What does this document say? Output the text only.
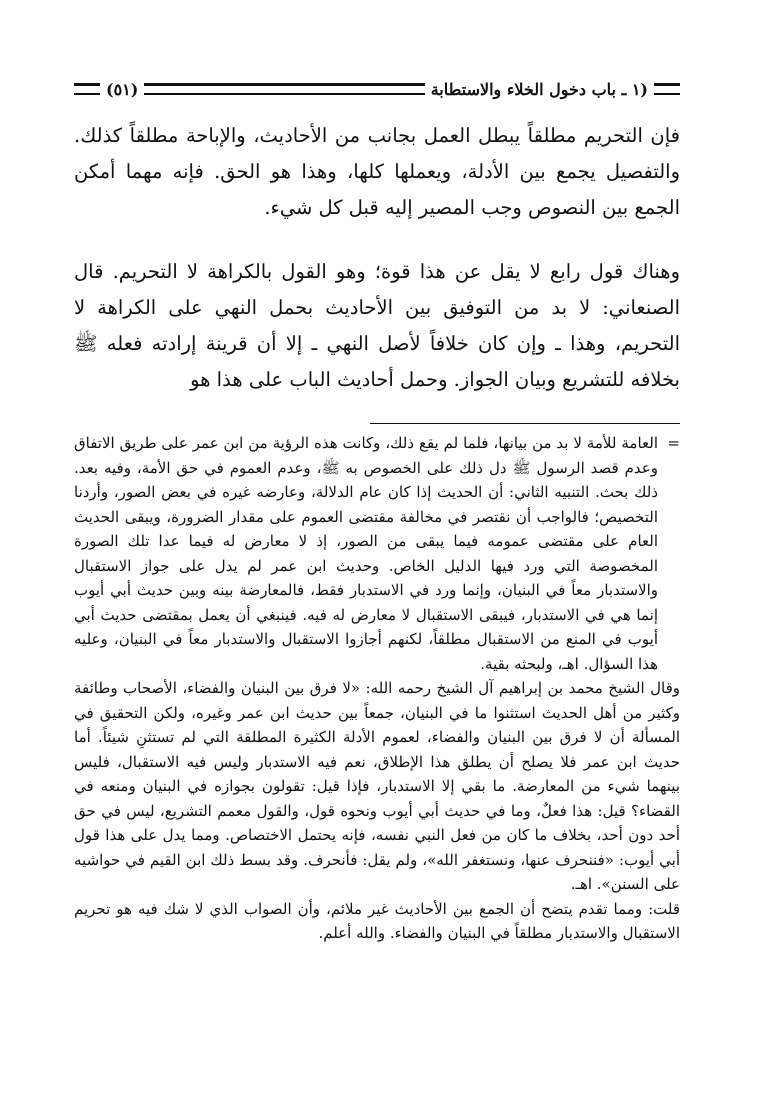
(١ ـ باب دخول الخلاء والاستطابة
(٥١)

فإن التحريم مطلقاً يبطل العمل بجانب من الأحاديث، والإباحة مطلقاً كذلك. والتفصيل يجمع بين الأدلة، ويعملها كلها، وهذا هو الحق. فإنه مهما أمكن الجمع بين النصوص وجب المصير إليه قبل كل شيء.

وهناك قول رابع لا يقل عن هذا قوة؛ وهو القول بالكراهة لا التحريم. قال الصنعاني: لا بد من التوفيق بين الأحاديث بحمل النهي على الكراهة لا التحريم، وهذا ـ وإن كان خلافاً لأصل النهي ـ إلا أن قرينة إرادته فعله ﷺ بخلافه للتشريع وبيان الجواز. وحمل أحاديث الباب على هذا هو

=
العامة للأمة لا بد من بيانها، فلما لم يقع ذلك، وكانت هذه الرؤية من ابن عمر على طريق الاتفاق وعدم قصد الرسول ﷺ دل ذلك على الخصوص به ﷺ، وعدم العموم في حق الأمة، وفيه بعد. ذلك بحث. التنبيه الثاني: أن الحديث إذا كان عام الدلالة، وعارضه غيره في بعض الصور، وأردنا التخصيص؛ فالواجب أن نقتصر في مخالفة مقتضى العموم على مقدار الضرورة، ويبقى الحديث العام على مقتضى عمومه فيما يبقى من الصور، إذ لا معارض له فيما عدا تلك الصورة المخصوصة التي ورد فيها الدليل الخاص. وحديث ابن عمر لم يدل على جواز الاستقبال والاستدبار معاً في البنيان، وإنما ورد في الاستدبار فقط، فالمعارضة بينه وبين حديث أبي أيوب إنما هي في الاستدبار، فيبقى الاستقبال لا معارض له فيه. فينبغي أن يعمل بمقتضى حديث أبي أيوب في المنع من الاستقبال مطلقاً، لكنهم أجازوا الاستقبال والاستدبار معاً في البنيان، وعليه هذا السؤال. اهـ، ولبحثه بقية.

وقال الشيخ محمد بن إبراهيم آل الشيخ رحمه الله: «لا فرق بين البنيان والفضاء، الأصحاب وطائفة وكثير من أهل الحديث استثنوا ما في البنيان، جمعاً بين حديث ابن عمر وغيره، ولكن التحقيق في المسألة أن لا فرق بين البنيان والفضاء، لعموم الأدلة الكثيرة المطلقة التي لم تستثنِ شيئاً. أما حديث ابن عمر فلا يصلح أن يطلق هذا الإطلاق، نعم فيه الاستدبار وليس فيه الاستقبال، فليس بينهما شيء من المعارضة. ما بقي إلا الاستدبار، فإذا قيل: تقولون بجوازه في البنيان ومنعه في القضاء؟ قيل: هذا فعلٌ، وما في حديث أبي أيوب ونحوه قول، والقول معمم التشريع، ليس في حق أحد دون أحد، بخلاف ما كان من فعل النبي نفسه، فإنه يحتمل الاختصاص. ومما يدل على هذا قول أبي أيوب: «فننحرف عنها، ونستغفر الله»، ولم يقل: فأنحرف. وقد بسط ذلك ابن القيم في حواشيه على السنن». اهـ.

قلت: ومما تقدم يتضح أن الجمع بين الأحاديث غير ملائم، وأن الصواب الذي لا شك فيه هو تحريم الاستقبال والاستدبار مطلقاً في البنيان والفضاء. والله أعلم.
